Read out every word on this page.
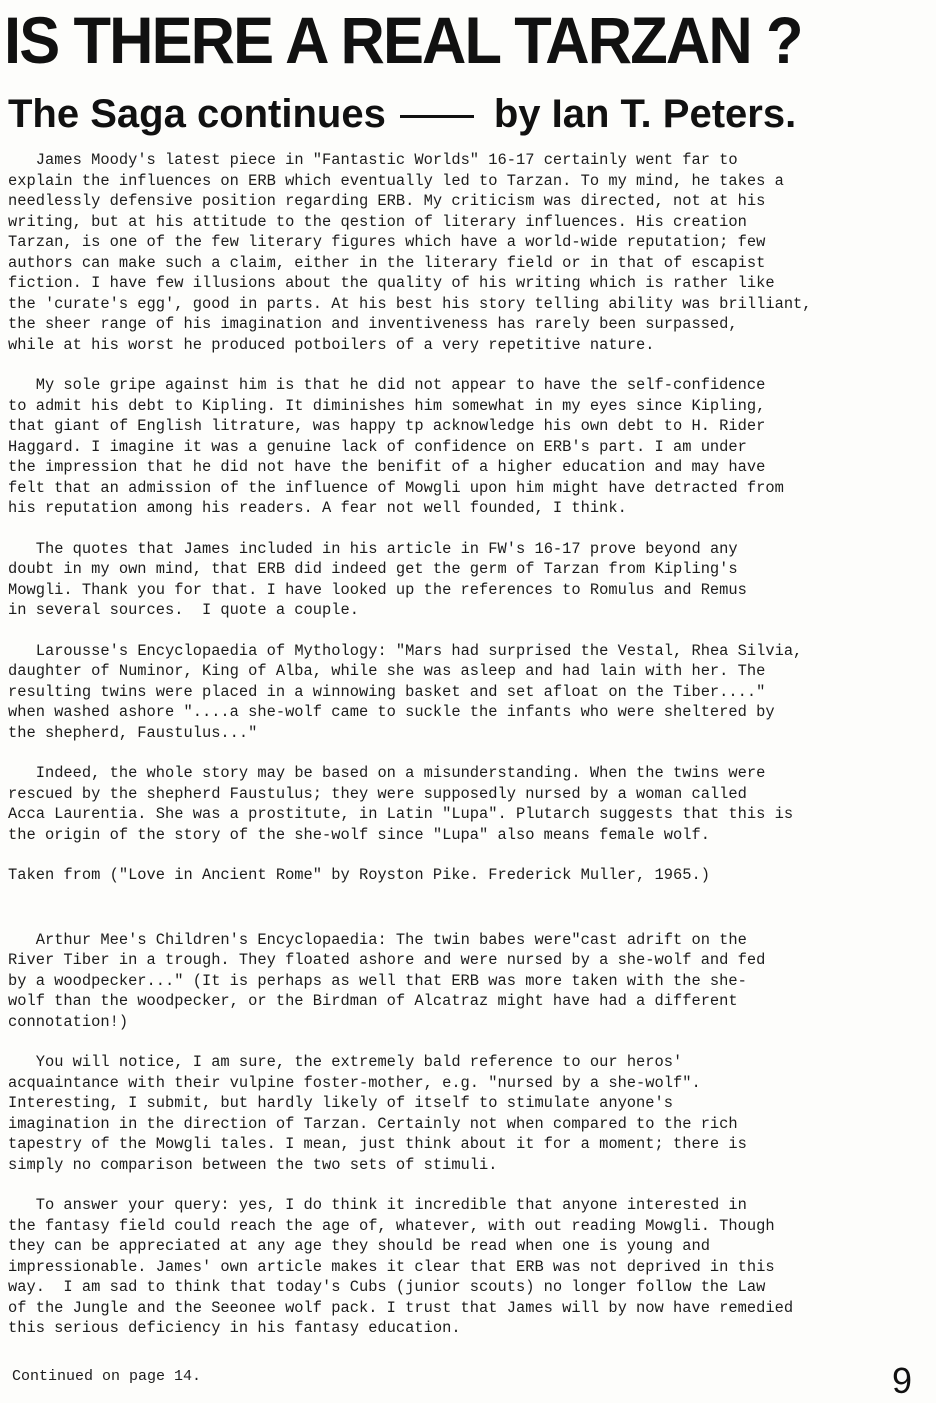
IS THERE A REAL TARZAN ?
The Saga continues	by Ian T. Peters.

James Moody's latest piece in "Fantastic Worlds" 16-17 certainly went far to
explain the influences on ERB which eventually led to Tarzan. To my mind, he takes a
needlessly defensive position regarding ERB. My criticism was directed, not at his
writing, but at his attitude to the qestion of literary influences. His creation
Tarzan, is one of the few literary figures which have a world-wide reputation; few
authors can make such a claim, either in the literary field or in that of escapist
fiction. I have few illusions about the quality of his writing which is rather like
the 'curate's egg', good in parts. At his best his story telling ability was brilliant,
the sheer range of his imagination and inventiveness has rarely been surpassed,
while at his worst he produced potboilers of a very repetitive nature.

My sole gripe against him is that he did not appear to have the self-confidence
to admit his debt to Kipling. It diminishes him somewhat in my eyes since Kipling,
that giant of English litrature, was happy tp acknowledge his own debt to H. Rider
Haggard. I imagine it was a genuine lack of confidence on ERB's part. I am under
the impression that he did not have the benifit of a higher education and may have
felt that an admission of the influence of Mowgli upon him might have detracted from
his reputation among his readers. A fear not well founded, I think.

The quotes that James included in his article in FW's 16-17 prove beyond any
doubt in my own mind, that ERB did indeed get the germ of Tarzan from Kipling's
Mowgli. Thank you for that. I have looked up the references to Romulus and Remus
in several sources.  I quote a couple.

Larousse's Encyclopaedia of Mythology: "Mars had surprised the Vestal, Rhea Silvia,
daughter of Numinor, King of Alba, while she was asleep and had lain with her. The
resulting twins were placed in a winnowing basket and set afloat on the Tiber...."
when washed ashore "....a she-wolf came to suckle the infants who were sheltered by
the shepherd, Faustulus..."

Indeed, the whole story may be based on a misunderstanding. When the twins were
rescued by the shepherd Faustulus; they were supposedly nursed by a woman called
Acca Laurentia. She was a prostitute, in Latin "Lupa". Plutarch suggests that this is
the origin of the story of the she-wolf since "Lupa" also means female wolf.

Taken from ("Love in Ancient Rome" by Royston Pike. Frederick Muller, 1965.)

Arthur Mee's Children's Encyclopaedia: The twin babes were"cast adrift on the
River Tiber in a trough. They floated ashore and were nursed by a she-wolf and fed
by a woodpecker..." (It is perhaps as well that ERB was more taken with the she-
wolf than the woodpecker, or the Birdman of Alcatraz might have had a different
connotation!)

You will notice, I am sure, the extremely bald reference to our heros'
acquaintance with their vulpine foster-mother, e.g. "nursed by a she-wolf".
Interesting, I submit, but hardly likely of itself to stimulate anyone's
imagination in the direction of Tarzan. Certainly not when compared to the rich
tapestry of the Mowgli tales. I mean, just think about it for a moment; there is
simply no comparison between the two sets of stimuli.

To answer your query: yes, I do think it incredible that anyone interested in
the fantasy field could reach the age of, whatever, with out reading Mowgli. Though
they can be appreciated at any age they should be read when one is young and
impressionable. James' own article makes it clear that ERB was not deprived in this
way.  I am sad to think that today's Cubs (junior scouts) no longer follow the Law
of the Jungle and the Seeonee wolf pack. I trust that James will by now have remedied
this serious deficiency in his fantasy education.

Continued on page 14.	9
